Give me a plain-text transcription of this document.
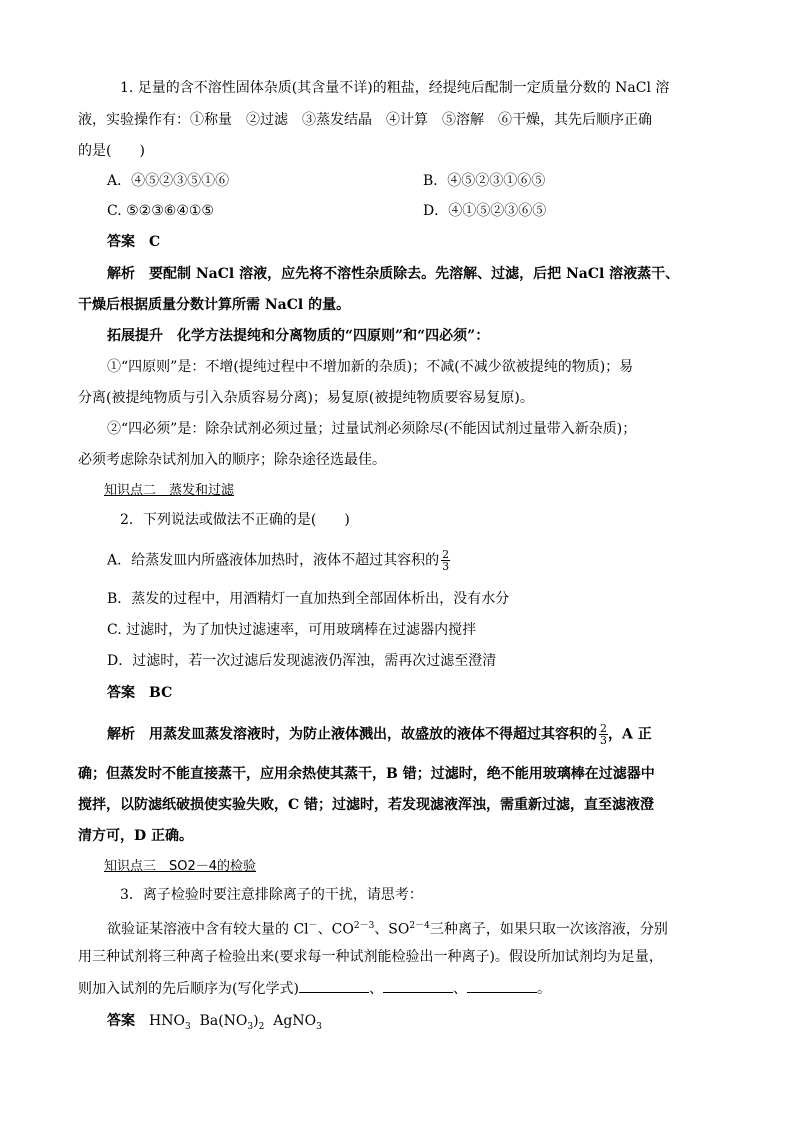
1. 足量的含不溶性固体杂质(其含量不详)的粗盐，经提纯后配制一定质量分数的 NaCl 溶
液，实验操作有：①称量　②过滤　③蒸发结晶　④计算　⑤溶解　⑥干燥，其先后顺序正确
的是(　　)
A．④⑤②③⑤①⑥	B．④⑤②③①⑥⑤
C. ⑤②③⑥④①⑤	D．④①⑤②③⑥⑤
答案　C
解析　要配制 NaCl 溶液，应先将不溶性杂质除去。先溶解、过滤，后把 NaCl 溶液蒸干、
干燥后根据质量分数计算所需 NaCl 的量。
拓展提升　化学方法提纯和分离物质的“四原则”和“四必须”：
①“四原则”是：不增(提纯过程中不增加新的杂质)；不减(不减少欲被提纯的物质)；易
分离(被提纯物质与引入杂质容易分离)；易复原(被提纯物质要容易复原)。
②“四必须”是：除杂试剂必须过量；过量试剂必须除尽(不能因试剂过量带入新杂质)；
必须考虑除杂试剂加入的顺序；除杂途径选最佳。
知识点二　蒸发和过滤
2．下列说法或做法不正确的是(　　)
A．给蒸发皿内所盛液体加热时，液体不超过其容积的 $\frac{2}{3}$
B．蒸发的过程中，用酒精灯一直加热到全部固体析出，没有水分
C. 过滤时，为了加快过滤速率，可用玻璃棒在过滤器内搅拌
D．过滤时，若一次过滤后发现滤液仍浑浊，需再次过滤至澄清
答案　BC
解析　用蒸发皿蒸发溶液时，为防止液体溅出，故盛放的液体不得超过其容积的 $\frac{2}{3}$ ，A 正
确；但蒸发时不能直接蒸干，应用余热使其蒸干，B 错；过滤时，绝不能用玻璃棒在过滤器中
搅拌，以防滤纸破损使实验失败，C 错；过滤时，若发现滤液浑浊，需重新过滤，直至滤液澄
清方可，D 正确。
知识点三　SO2－4的检验
3．离子检验时要注意排除离子的干扰，请思考：
欲验证某溶液中含有较大量的 Cl－、$CO^{2-3}$、$SO^{2-4}$三种离子，如果只取一次该溶液，分别
用三种试剂将三种离子检验出来(要求每一种试剂能检验出一种离子)。假设所加试剂均为足量，
则加入试剂的先后顺序为(写化学式)	、	、	。
答案　$HNO_3$ $Ba(NO_3)_2$ AgNO$_3$
